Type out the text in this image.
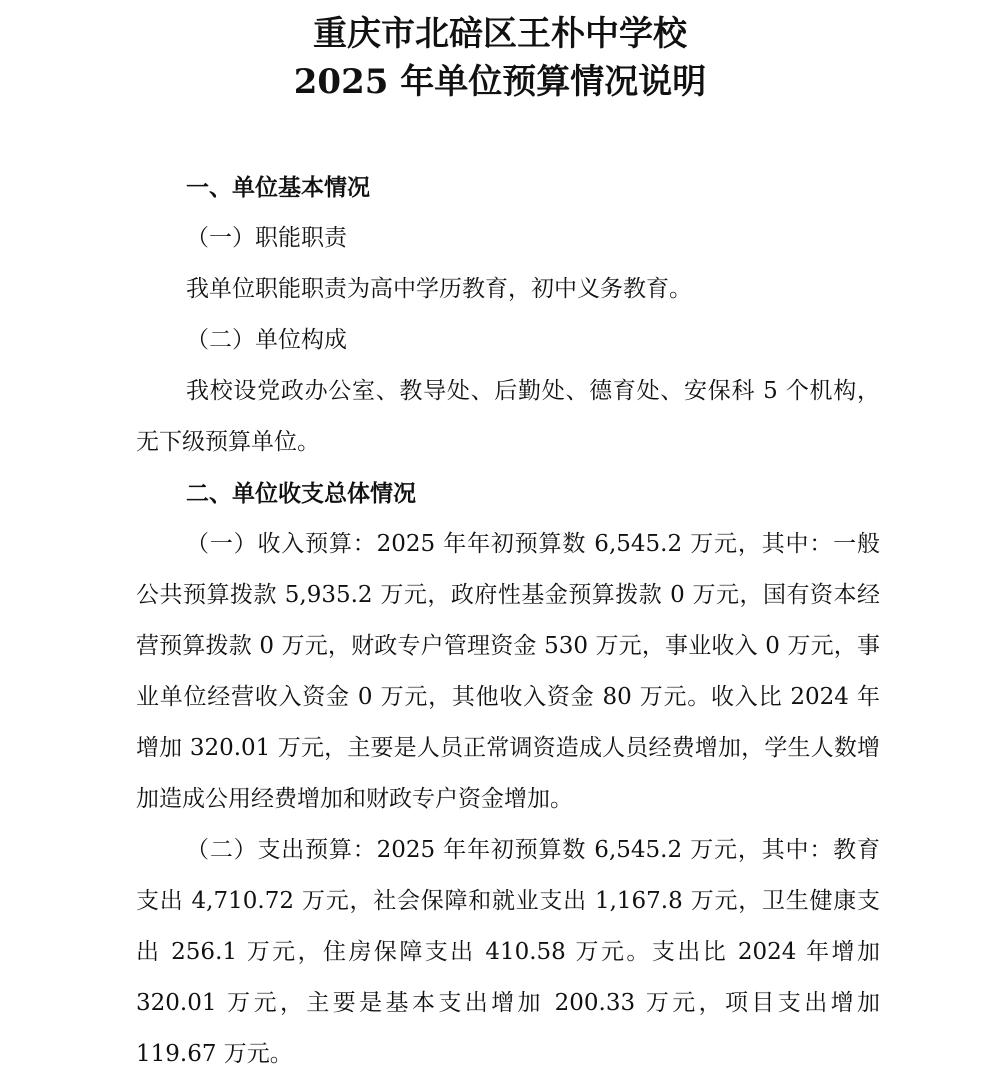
重庆市北碚区王朴中学校
2025 年单位预算情况说明

一、单位基本情况

（一）职能职责

我单位职能职责为高中学历教育，初中义务教育。

（二）单位构成

我校设党政办公室、教导处、后勤处、德育处、安保科 5 个机构，无下级预算单位。

二、单位收支总体情况

（一）收入预算：2025 年年初预算数 6,545.2 万元，其中：一般公共预算拨款 5,935.2 万元，政府性基金预算拨款 0 万元，国有资本经营预算拨款 0 万元，财政专户管理资金 530 万元，事业收入 0 万元，事业单位经营收入资金 0 万元，其他收入资金 80 万元。收入比 2024 年增加 320.01 万元，主要是人员正常调资造成人员经费增加，学生人数增加造成公用经费增加和财政专户资金增加。

（二）支出预算：2025 年年初预算数 6,545.2 万元，其中：教育支出 4,710.72 万元，社会保障和就业支出 1,167.8 万元，卫生健康支出 256.1 万元，住房保障支出 410.58 万元。支出比 2024 年增加 320.01 万元，主要是基本支出增加 200.33 万元，项目支出增加 119.67 万元。
